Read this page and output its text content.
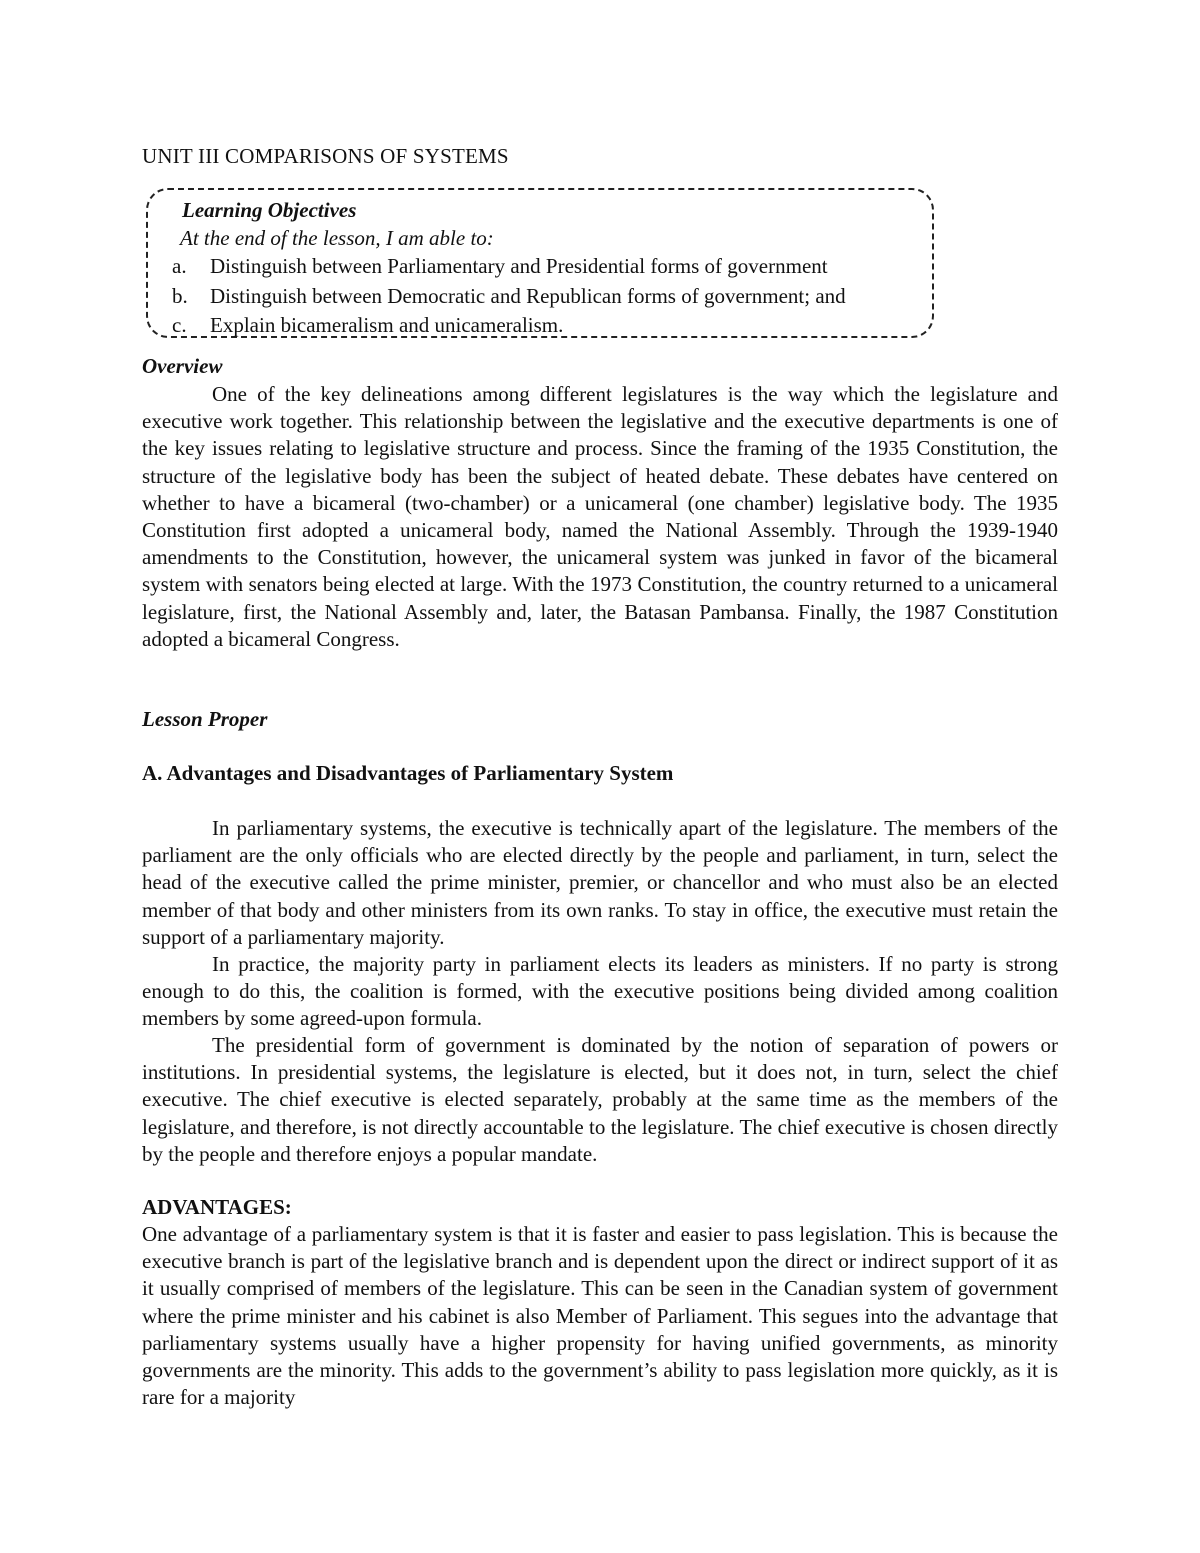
UNIT III COMPARISONS OF SYSTEMS

Learning Objectives

At the end of the lesson, I am able to:

a. Distinguish between Parliamentary and Presidential forms of government
b. Distinguish between Democratic and Republican forms of government; and
c. Explain bicameralism and unicameralism.

Overview

One of the key delineations among different legislatures is the way which the legislature and executive work together. This relationship between the legislative and the executive departments is one of the key issues relating to legislative structure and process. Since the framing of the 1935 Constitution, the structure of the legislative body has been the subject of heated debate. These debates have centered on whether to have a bicameral (two-chamber) or a unicameral (one chamber) legislative body. The 1935 Constitution first adopted a unicameral body, named the National Assembly. Through the 1939-1940 amendments to the Constitution, however, the unicameral system was junked in favor of the bicameral system with senators being elected at large. With the 1973 Constitution, the country returned to a unicameral legislature, first, the National Assembly and, later, the Batasan Pambansa. Finally, the 1987 Constitution adopted a bicameral Congress.

Lesson Proper

A. Advantages and Disadvantages of Parliamentary System

In parliamentary systems, the executive is technically apart of the legislature. The members of the parliament are the only officials who are elected directly by the people and parliament, in turn, select the head of the executive called the prime minister, premier, or chancellor and who must also be an elected member of that body and other ministers from its own ranks. To stay in office, the executive must retain the support of a parliamentary majority.

In practice, the majority party in parliament elects its leaders as ministers. If no party is strong enough to do this, the coalition is formed, with the executive positions being divided among coalition members by some agreed-upon formula.

The presidential form of government is dominated by the notion of separation of powers or institutions. In presidential systems, the legislature is elected, but it does not, in turn, select the chief executive. The chief executive is elected separately, probably at the same time as the members of the legislature, and therefore, is not directly accountable to the legislature. The chief executive is chosen directly by the people and therefore enjoys a popular mandate.

ADVANTAGES:

One advantage of a parliamentary system is that it is faster and easier to pass legislation. This is because the executive branch is part of the legislative branch and is dependent upon the direct or indirect support of it as it usually comprised of members of the legislature. This can be seen in the Canadian system of government where the prime minister and his cabinet is also Member of Parliament. This segues into the advantage that parliamentary systems usually have a higher propensity for having unified governments, as minority governments are the minority. This adds to the government’s ability to pass legislation more quickly, as it is rare for a majority
